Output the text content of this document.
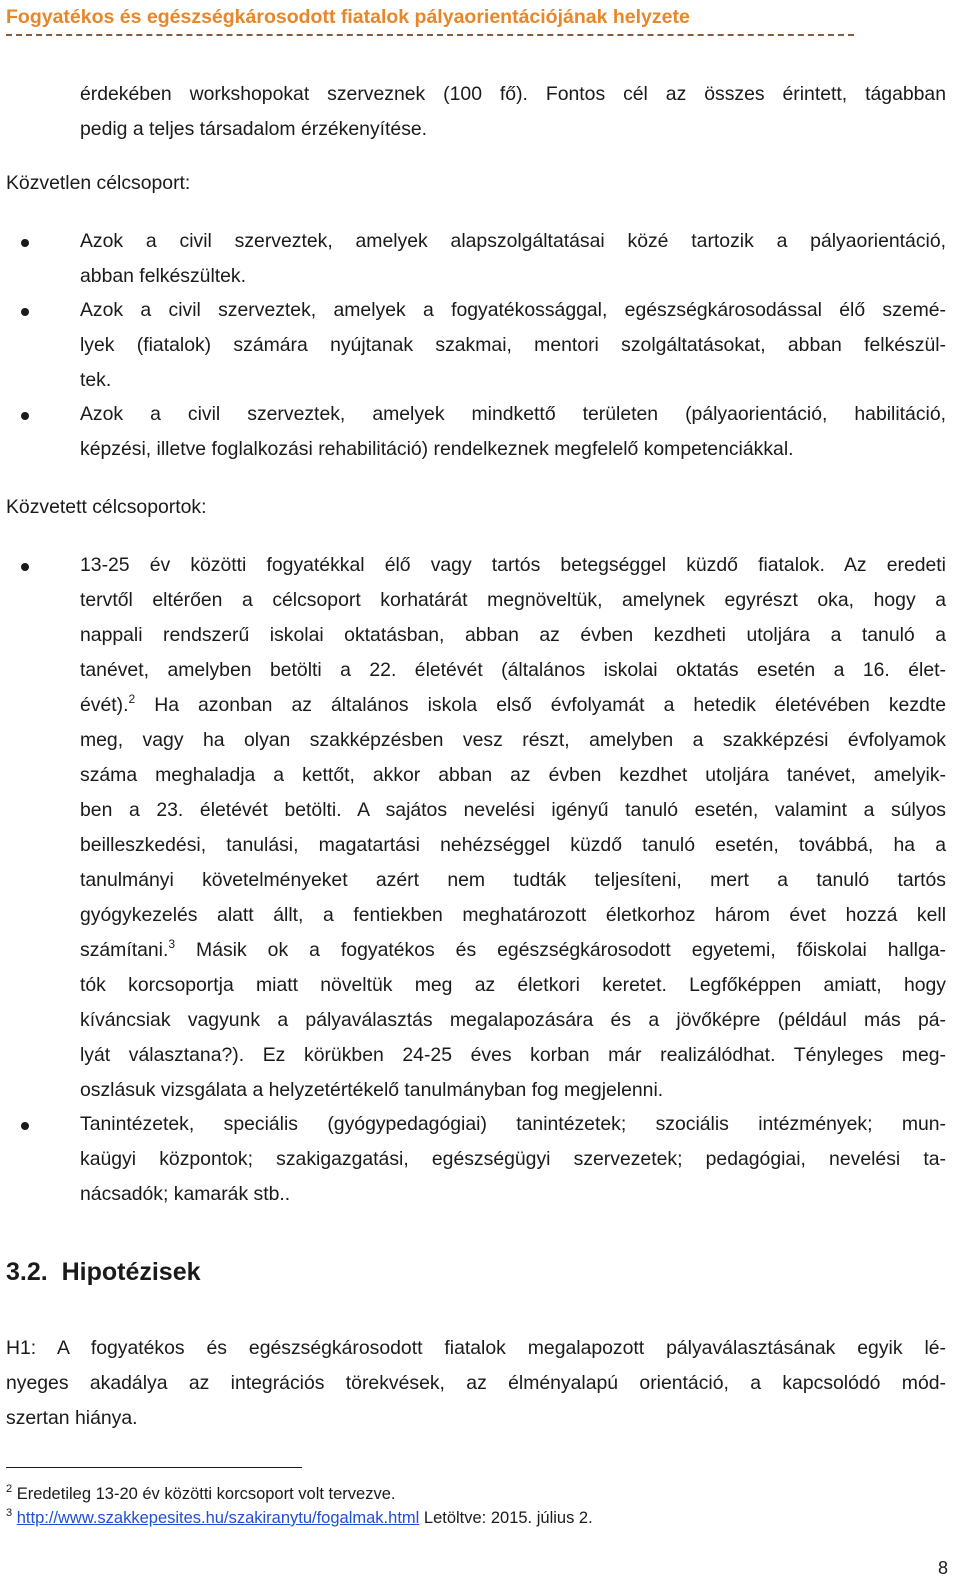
Fogyatékos és egészségkárosodott fiatalok pályaorientációjának helyzete
érdekében workshopokat szerveznek (100 fő). Fontos cél az összes érintett, tágabban
pedig a teljes társadalom érzékenyítése.
Közvetlen célcsoport:
Azok a civil szerveztek, amelyek alapszolgáltatásai közé tartozik a pályaorientáció,
abban felkészültek.
Azok a civil szerveztek, amelyek a fogyatékossággal, egészségkárosodással élő szemé-
lyek (fiatalok) számára nyújtanak szakmai, mentori szolgáltatásokat, abban felkészül-
tek.
Azok a civil szerveztek, amelyek mindkettő területen (pályaorientáció, habilitáció,
képzési, illetve foglalkozási rehabilitáció) rendelkeznek megfelelő kompetenciákkal.
Közvetett célcsoportok:
13-25 év közötti fogyatékkal élő vagy tartós betegséggel küzdő fiatalok. Az eredeti
tervtől eltérően a célcsoport korhatárát megnöveltük, amelynek egyrészt oka, hogy a
nappali rendszerű iskolai oktatásban, abban az évben kezdheti utoljára a tanuló a
tanévet, amelyben betölti a 22. életévét (általános iskolai oktatás esetén a 16. élet-
évét).$^2$ Ha azonban az általános iskola első évfolyamát a hetedik életévében kezdte
meg, vagy ha olyan szakképzésben vesz részt, amelyben a szakképzési évfolyamok
száma meghaladja a kettőt, akkor abban az évben kezdhet utoljára tanévet, amelyik-
ben a 23. életévét betölti. A sajátos nevelési igényű tanuló esetén, valamint a súlyos
beilleszkedési, tanulási, magatartási nehézséggel küzdő tanuló esetén, továbbá, ha a
tanulmányi követelményeket azért nem tudták teljesíteni, mert a tanuló tartós
gyógykezelés alatt állt, a fentiekben meghatározott életkorhoz három évet hozzá kell
számítani.$^3$ Másik ok a fogyatékos és egészségkárosodott egyetemi, főiskolai hallga-
tók korcsoportja miatt növeltük meg az életkori keretet. Legfőképpen amiatt, hogy
kíváncsiak vagyunk a pályaválasztás megalapozására és a jövőképre (például más pá-
lyát választana?). Ez körükben 24-25 éves korban már realizálódhat. Tényleges meg-
oszlásuk vizsgálata a helyzetértékelő tanulmányban fog megjelenni.
Tanintézetek, speciális (gyógypedagógiai) tanintézetek; szociális intézmények; mun-
kaügyi központok; szakigazgatási, egészségügyi szervezetek; pedagógiai, nevelési ta-
nácsadók; kamarák stb..
3.2.  Hipotézisek
H1: A fogyatékos és egészségkárosodott fiatalok megalapozott pályaválasztásának egyik lé-
nyeges akadálya az integrációs törekvések, az élményalapú orientáció, a kapcsolódó mód-
szertan hiánya.
$^2$ Eredetileg 13-20 év közötti korcsoport volt tervezve.
$^3$ http://www.szakkepesites.hu/szakiranytu/fogalmak.html Letöltve: 2015. július 2.
8
